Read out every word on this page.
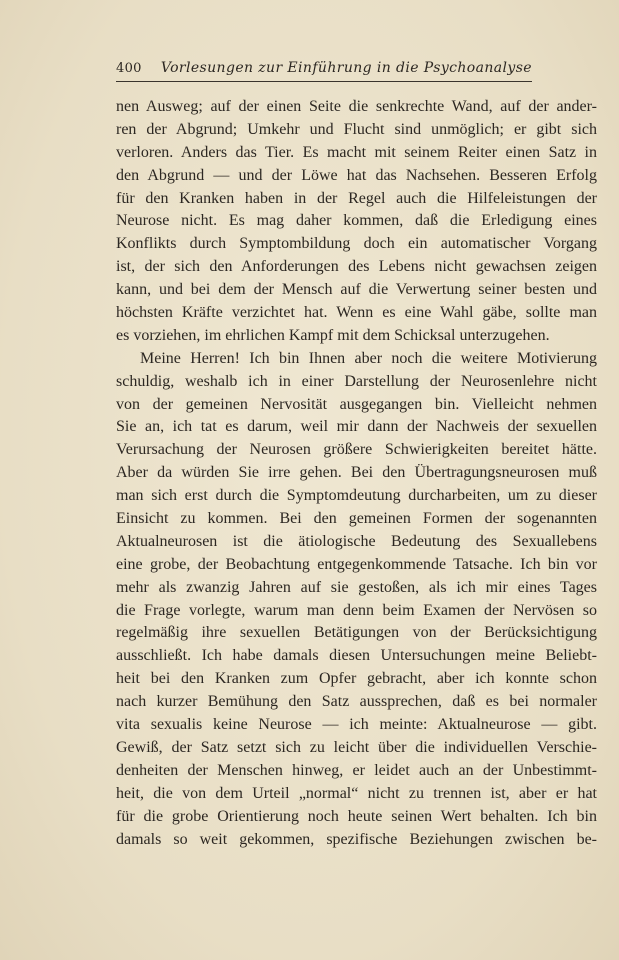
400 Vorlesungen zur Einführung in die Psychoanalyse
nen Ausweg; auf der einen Seite die senkrechte Wand, auf der ander-
ren der Abgrund; Umkehr und Flucht sind unmöglich; er gibt sich
verloren. Anders das Tier. Es macht mit seinem Reiter einen Satz in
den Abgrund — und der Löwe hat das Nachsehen. Besseren Erfolg
für den Kranken haben in der Regel auch die Hilfeleistungen der
Neurose nicht. Es mag daher kommen, daß die Erledigung eines
Konflikts durch Symptombildung doch ein automatischer Vorgang
ist, der sich den Anforderungen des Lebens nicht gewachsen zeigen
kann, und bei dem der Mensch auf die Verwertung seiner besten und
höchsten Kräfte verzichtet hat. Wenn es eine Wahl gäbe, sollte man
es vorziehen, im ehrlichen Kampf mit dem Schicksal unterzugehen.
Meine Herren! Ich bin Ihnen aber noch die weitere Motivierung
schuldig, weshalb ich in einer Darstellung der Neurosenlehre nicht
von der gemeinen Nervosität ausgegangen bin. Vielleicht nehmen
Sie an, ich tat es darum, weil mir dann der Nachweis der sexuellen
Verursachung der Neurosen größere Schwierigkeiten bereitet hätte.
Aber da würden Sie irre gehen. Bei den Übertragungsneurosen muß
man sich erst durch die Symptomdeutung durcharbeiten, um zu dieser
Einsicht zu kommen. Bei den gemeinen Formen der sogenannten
Aktualneurosen ist die ätiologische Bedeutung des Sexuallebens
eine grobe, der Beobachtung entgegenkommende Tatsache. Ich bin vor
mehr als zwanzig Jahren auf sie gestoßen, als ich mir eines Tages
die Frage vorlegte, warum man denn beim Examen der Nervösen so
regelmäßig ihre sexuellen Betätigungen von der Berücksichtigung
ausschließt. Ich habe damals diesen Untersuchungen meine Beliebt-
heit bei den Kranken zum Opfer gebracht, aber ich konnte schon
nach kurzer Bemühung den Satz aussprechen, daß es bei normaler
vita sexualis keine Neurose — ich meinte: Aktualneurose — gibt.
Gewiß, der Satz setzt sich zu leicht über die individuellen Verschie-
denheiten der Menschen hinweg, er leidet auch an der Unbestimmt-
heit, die von dem Urteil „normal“ nicht zu trennen ist, aber er hat
für die grobe Orientierung noch heute seinen Wert behalten. Ich bin
damals so weit gekommen, spezifische Beziehungen zwischen be-
